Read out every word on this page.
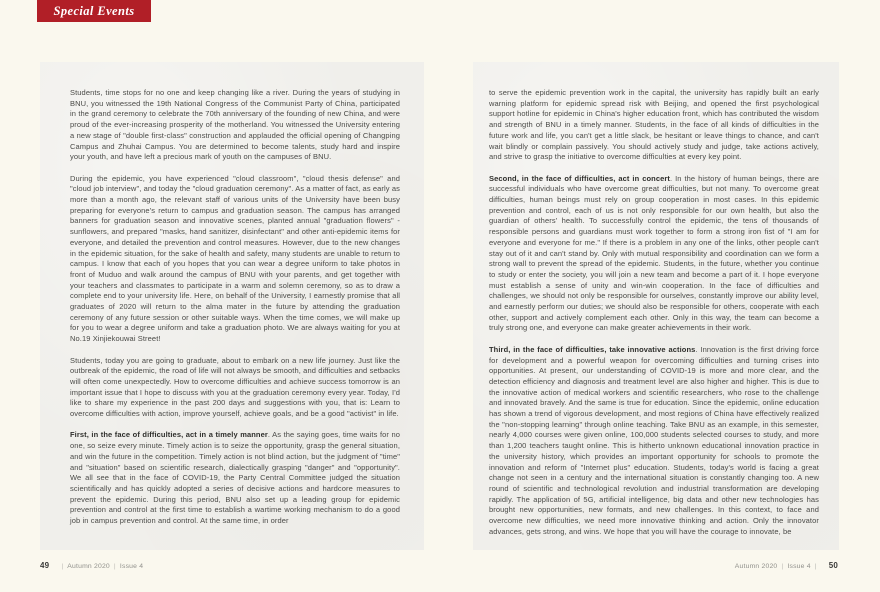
Special Events

Students, time stops for no one and keep changing like a river. During the years of studying in BNU, you witnessed the 19th National Congress of the Communist Party of China, participated in the grand ceremony to celebrate the 70th anniversary of the founding of new China, and were proud of the ever-increasing prosperity of the motherland. You witnessed the University entering a new stage of "double first-class" construction and applauded the official opening of Changping Campus and Zhuhai Campus. You are determined to become talents, study hard and inspire your youth, and have left a precious mark of youth on the campuses of BNU.

During the epidemic, you have experienced "cloud classroom", "cloud thesis defense" and "cloud job interview", and today the "cloud graduation ceremony". As a matter of fact, as early as more than a month ago, the relevant staff of various units of the University have been busy preparing for everyone's return to campus and graduation season. The campus has arranged banners for graduation season and innovative scenes, planted annual "graduation flowers" - sunflowers, and prepared "masks, hand sanitizer, disinfectant" and other anti-epidemic items for everyone, and detailed the prevention and control measures. However, due to the new changes in the epidemic situation, for the sake of health and safety, many students are unable to return to campus. I know that each of you hopes that you can wear a degree uniform to take photos in front of Muduo and walk around the campus of BNU with your parents, and get together with your teachers and classmates to participate in a warm and solemn ceremony, so as to draw a complete end to your university life. Here, on behalf of the University, I earnestly promise that all graduates of 2020 will return to the alma mater in the future by attending the graduation ceremony of any future session or other suitable ways. When the time comes, we will make up for you to wear a degree uniform and take a graduation photo. We are always waiting for you at No.19 Xinjiekouwai Street!

Students, today you are going to graduate, about to embark on a new life journey. Just like the outbreak of the epidemic, the road of life will not always be smooth, and difficulties and setbacks will often come unexpectedly. How to overcome difficulties and achieve success tomorrow is an important issue that I hope to discuss with you at the graduation ceremony every year. Today, I'd like to share my experience in the past 200 days and suggestions with you, that is: Learn to overcome difficulties with action, improve yourself, achieve goals, and be a good "activist" in life.

First, in the face of difficulties, act in a timely manner. As the saying goes, time waits for no one, so seize every minute. Timely action is to seize the opportunity, grasp the general situation, and win the future in the competition. Timely action is not blind action, but the judgment of "time" and "situation" based on scientific research, dialectically grasping "danger" and "opportunity". We all see that in the face of COVID-19, the Party Central Committee judged the situation scientifically and has quickly adopted a series of decisive actions and hardcore measures to prevent the epidemic. During this period, BNU also set up a leading group for epidemic prevention and control at the first time to establish a wartime working mechanism to do a good job in campus prevention and control. At the same time, in order

to serve the epidemic prevention work in the capital, the university has rapidly built an early warning platform for epidemic spread risk with Beijing, and opened the first psychological support hotline for epidemic in China's higher education front, which has contributed the wisdom and strength of BNU in a timely manner. Students, in the face of all kinds of difficulties in the future work and life, you can't get a little slack, be hesitant or leave things to chance, and can't wait blindly or complain passively. You should actively study and judge, take actions actively, and strive to grasp the initiative to overcome difficulties at every key point.

Second, in the face of difficulties, act in concert. In the history of human beings, there are successful individuals who have overcome great difficulties, but not many. To overcome great difficulties, human beings must rely on group cooperation in most cases. In this epidemic prevention and control, each of us is not only responsible for our own health, but also the guardian of others' health. To successfully control the epidemic, the tens of thousands of responsible persons and guardians must work together to form a strong iron fist of "I am for everyone and everyone for me." If there is a problem in any one of the links, other people can't stay out of it and can't stand by. Only with mutual responsibility and coordination can we form a strong wall to prevent the spread of the epidemic. Students, in the future, whether you continue to study or enter the society, you will join a new team and become a part of it. I hope everyone must establish a sense of unity and win-win cooperation. In the face of difficulties and challenges, we should not only be responsible for ourselves, constantly improve our ability level, and earnestly perform our duties; we should also be responsible for others, cooperate with each other, support and actively complement each other. Only in this way, the team can become a truly strong one, and everyone can make greater achievements in their work.

Third, in the face of difficulties, take innovative actions. Innovation is the first driving force for development and a powerful weapon for overcoming difficulties and turning crises into opportunities. At present, our understanding of COVID-19 is more and more clear, and the detection efficiency and diagnosis and treatment level are also higher and higher. This is due to the innovative action of medical workers and scientific researchers, who rose to the challenge and innovated bravely. And the same is true for education. Since the epidemic, online education has shown a trend of vigorous development, and most regions of China have effectively realized the "non-stopping learning" through online teaching. Take BNU as an example, in this semester, nearly 4,000 courses were given online, 100,000 students selected courses to study, and more than 1,200 teachers taught online. This is hitherto unknown educational innovation practice in the university history, which provides an important opportunity for schools to promote the innovation and reform of "Internet plus" education. Students, today's world is facing a great change not seen in a century and the international situation is constantly changing too. A new round of scientific and technological revolution and industrial transformation are developing rapidly. The application of 5G, artificial intelligence, big data and other new technologies has brought new opportunities, new formats, and new challenges. In this context, to face and overcome new difficulties, we need more innovative thinking and action. Only the innovator advances, gets strong, and wins. We hope that you will have the courage to innovate, be

49 | Autumn 2020 | Issue 4	Autumn 2020 | Issue 4 | 50
